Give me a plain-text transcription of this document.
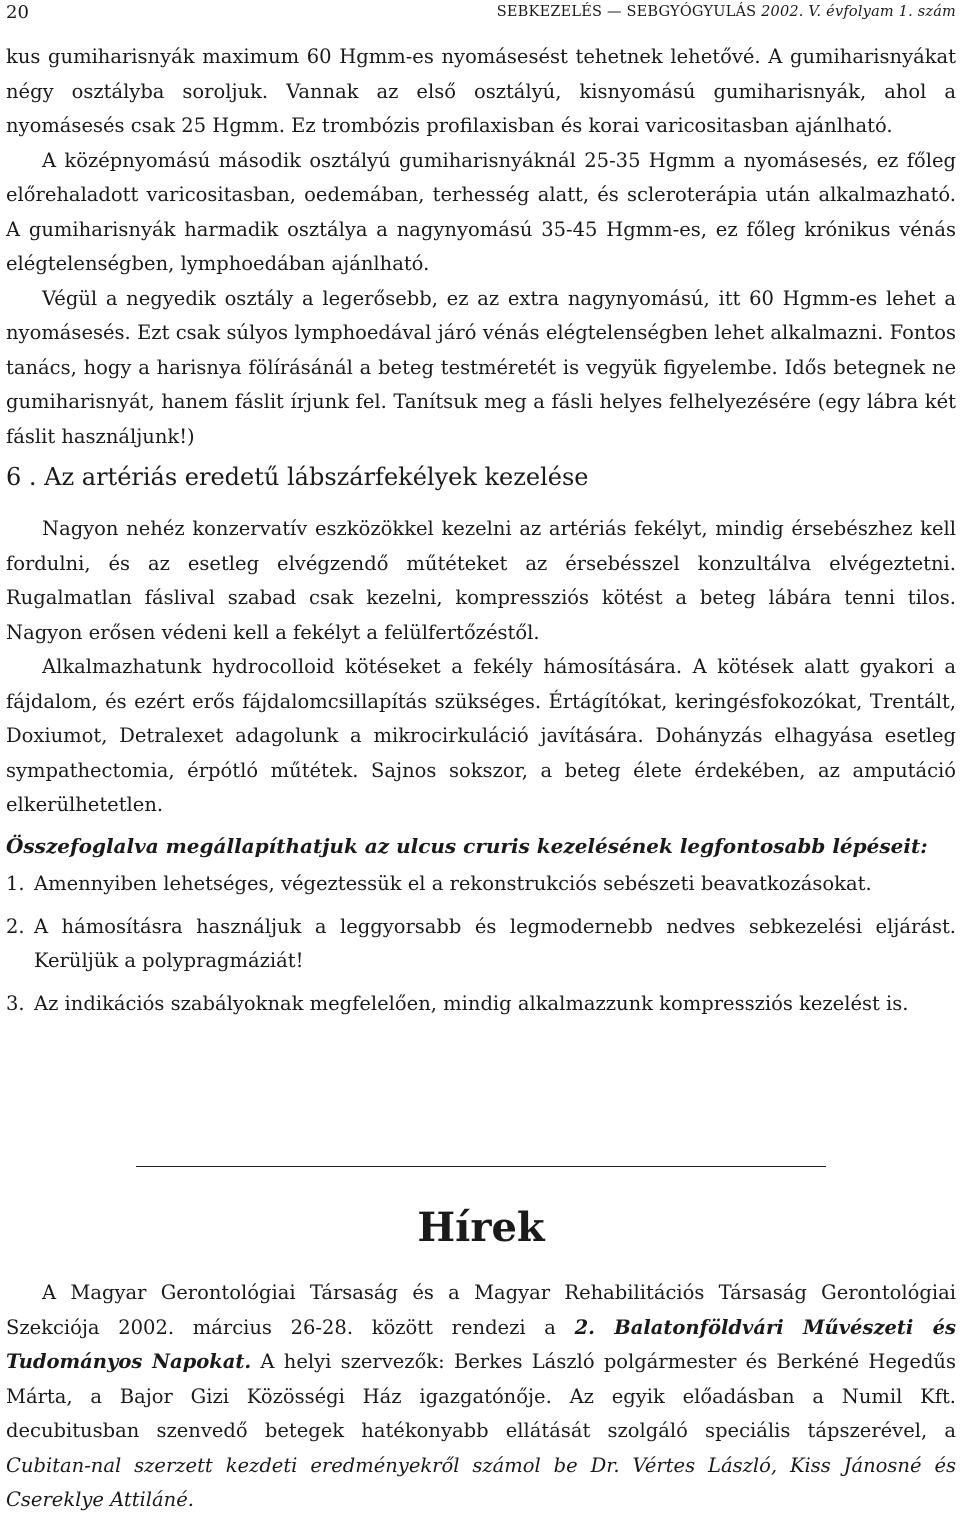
20	SEBKEZELÉS — SEBGYÓGYULÁS 2002. V. évfolyam 1. szám

kus gumiharisnyák maximum 60 Hgmm-es nyomásesést tehetnek lehetővé. A gumiharisnyákat négy osztályba soroljuk. Vannak az első osztályú, kisnyomású gumiharisnyák, ahol a nyomásesés csak 25 Hgmm. Ez trombózis profilaxisban és korai varicositasban ajánlható.

A középnyomású második osztályú gumiharisnyáknál 25-35 Hgmm a nyomásesés, ez főleg előrehaladott varicositasban, oedemában, terhesség alatt, és scleroterápia után alkalmazható. A gumiharisnyák harmadik osztálya a nagynyomású 35-45 Hgmm-es, ez főleg krónikus vénás elégtelenségben, lymphoedában ajánlható.

Végül a negyedik osztály a legerősebb, ez az extra nagynyomású, itt 60 Hgmm-es lehet a nyomásesés. Ezt csak súlyos lymphoedával járó vénás elégtelenségben lehet alkalmazni. Fontos tanács, hogy a harisnya fölírásánál a beteg testméretét is vegyük figyelembe. Idős betegnek ne gumiharisnyát, hanem fáslit írjunk fel. Tanítsuk meg a fásli helyes felhelyezésére (egy lábra két fáslit használjunk!)

6 . Az artériás eredetű lábszárfekélyek kezelése

Nagyon nehéz konzervatív eszközökkel kezelni az artériás fekélyt, mindig érsebészhez kell fordulni, és az esetleg elvégzendő műtéteket az érsebésszel konzultálva elvégeztetni. Rugalmatlan fáslival szabad csak kezelni, kompressziós kötést a beteg lábára tenni tilos. Nagyon erősen védeni kell a fekélyt a felülfertőzéstől.

Alkalmazhatunk hydrocolloid kötéseket a fekély hámosítására. A kötések alatt gyakori a fájdalom, és ezért erős fájdalomcsillapítás szükséges. Értágítókat, keringésfokozókat, Trentált, Doxiumot, Detralexet adagolunk a mikrocirkuláció javítására. Dohányzás elhagyása esetleg sympathectomia, érpótló műtétek. Sajnos sokszor, a beteg élete érdekében, az amputáció elkerülhetetlen.

Összefoglalva megállapíthatjuk az ulcus cruris kezelésének legfontosabb lépéseit:

1. Amennyiben lehetséges, végeztessük el a rekonstrukciós sebészeti beavatkozásokat.
2. A hámosításra használjuk a leggyorsabb és legmodernebb nedves sebkezelési eljárást. Kerüljük a polypragmáziát!
3. Az indikációs szabályoknak megfelelően, mindig alkalmazzunk kompressziós kezelést is.
Hírek

A Magyar Gerontológiai Társaság és a Magyar Rehabilitációs Társaság Gerontológiai Szekciója 2002. március 26-28. között rendezi a 2. Balatonföldvári Művészeti és Tudományos Napokat. A helyi szervezők: Berkes László polgármester és Berkéné Hegedűs Márta, a Bajor Gizi Közösségi Ház igazgatónője. Az egyik előadásban a Numil Kft. decubitusban szenvedő betegek hatékonyabb ellátását szolgáló speciális tápszerével, a Cubitan-nal szerzett kezdeti eredményekről számol be Dr. Vértes László, Kiss Jánosné és Csereklye Attiláné.
